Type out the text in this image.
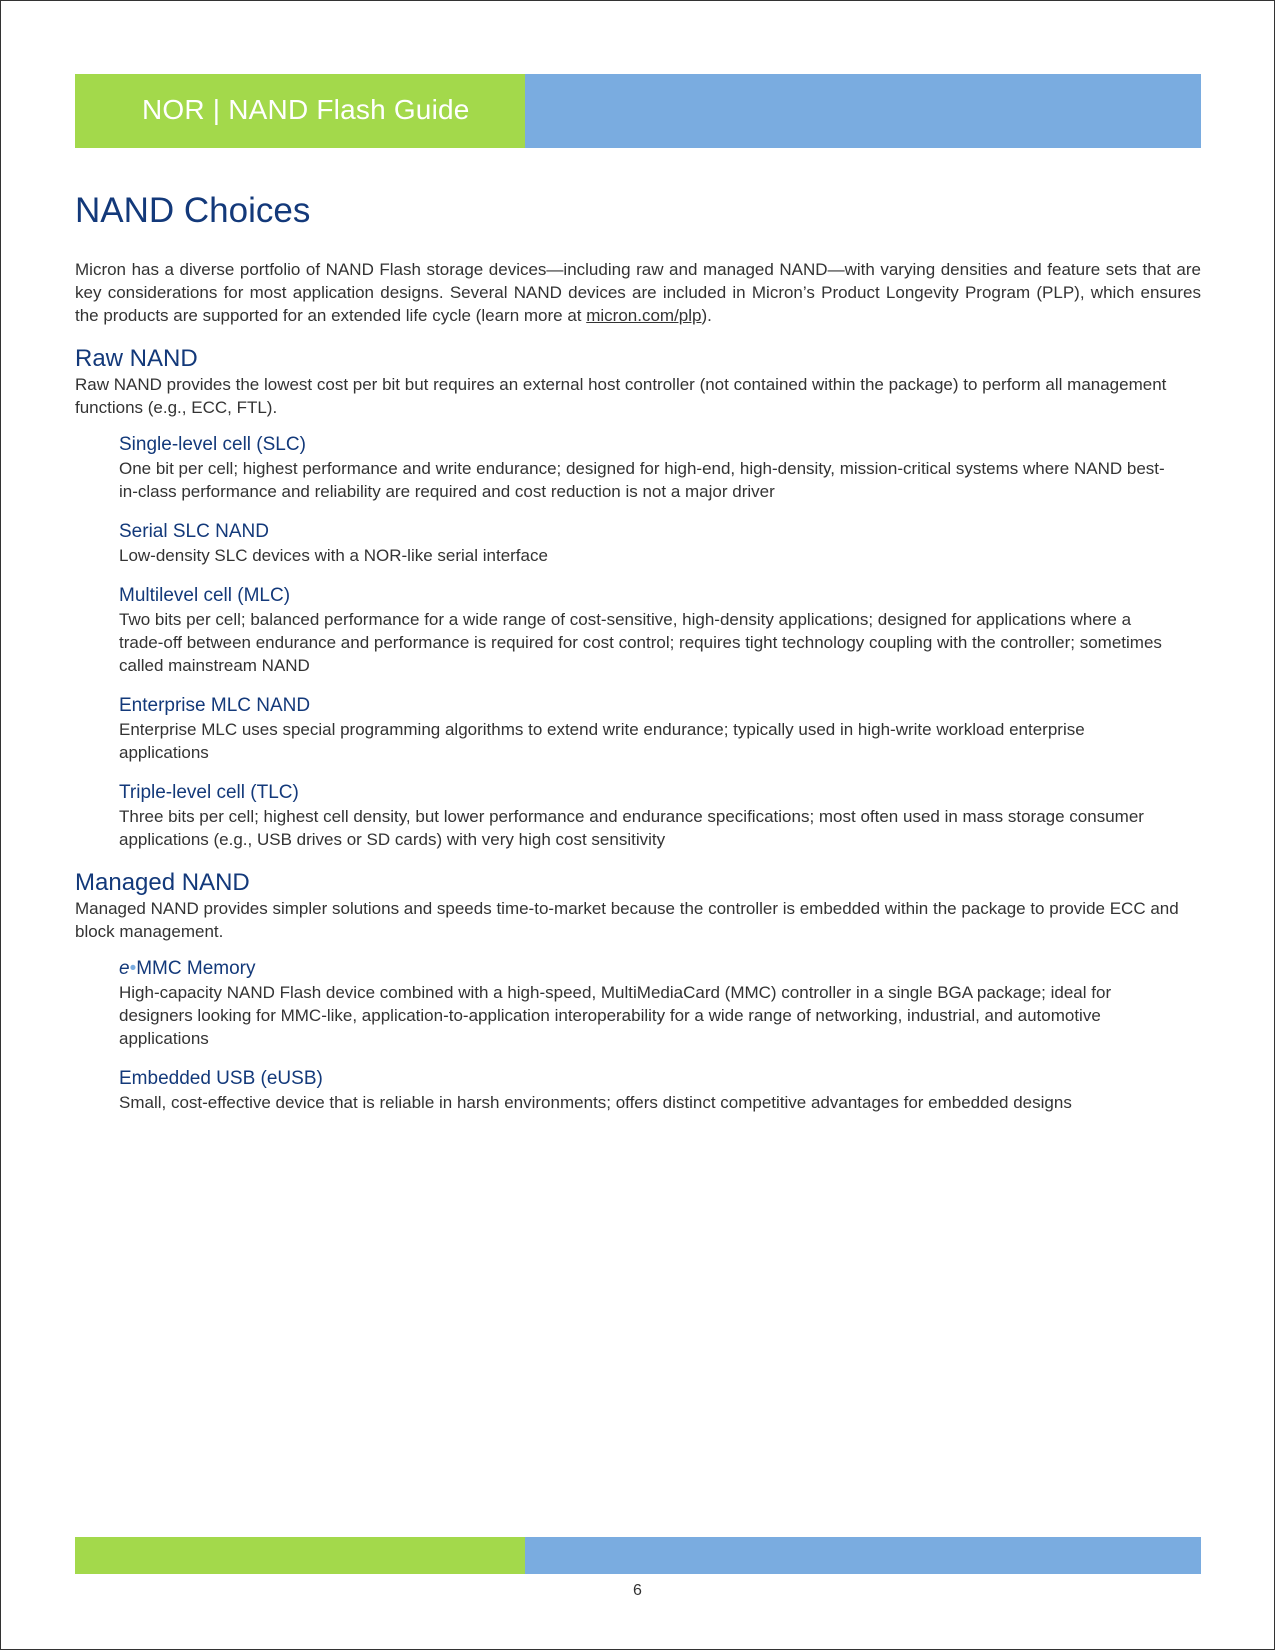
NOR | NAND Flash Guide
NAND Choices

Micron has a diverse portfolio of NAND Flash storage devices—including raw and managed NAND—with varying densities and feature sets that are key considerations for most application designs. Several NAND devices are included in Micron’s Product Longevity Program (PLP), which ensures the products are supported for an extended life cycle (learn more at micron.com/plp).

Raw NAND

Raw NAND provides the lowest cost per bit but requires an external host controller (not contained within the package) to perform all management functions (e.g., ECC, FTL).

Single-level cell (SLC)

One bit per cell; highest performance and write endurance; designed for high-end, high-density, mission-critical systems where NAND best-in-class performance and reliability are required and cost reduction is not a major driver

Serial SLC NAND

Low-density SLC devices with a NOR-like serial interface

Multilevel cell (MLC)

Two bits per cell; balanced performance for a wide range of cost-sensitive, high-density applications; designed for applications where a trade-off between endurance and performance is required for cost control; requires tight technology coupling with the controller; sometimes called mainstream NAND

Enterprise MLC NAND

Enterprise MLC uses special programming algorithms to extend write endurance; typically used in high-write workload enterprise applications

Triple-level cell (TLC)

Three bits per cell; highest cell density, but lower performance and endurance specifications; most often used in mass storage consumer applications (e.g., USB drives or SD cards) with very high cost sensitivity

Managed NAND

Managed NAND provides simpler solutions and speeds time-to-market because the controller is embedded within the package to provide ECC and block management.

e•MMC Memory

High-capacity NAND Flash device combined with a high-speed, MultiMediaCard (MMC) controller in a single BGA package; ideal for designers looking for MMC-like, application-to-application interoperability for a wide range of networking, industrial, and automotive applications

Embedded USB (eUSB)

Small, cost-effective device that is reliable in harsh environments; offers distinct competitive advantages for embedded designs

6
